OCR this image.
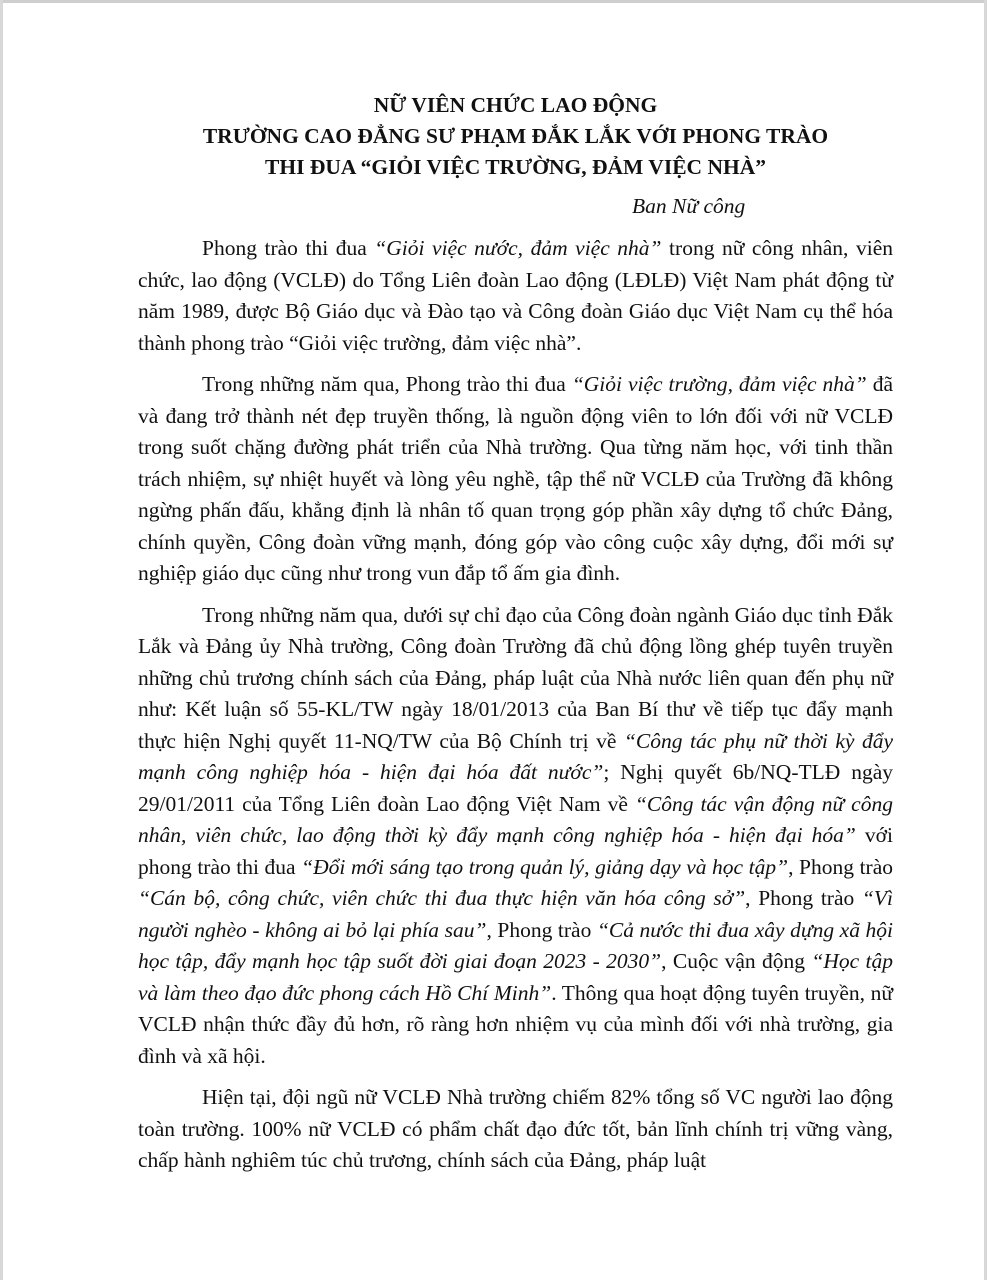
NỮ VIÊN CHỨC LAO ĐỘNG
TRƯỜNG CAO ĐẲNG SƯ PHẠM ĐẮK LẮK VỚI PHONG TRÀO
THI ĐUA “GIỎI VIỆC TRƯỜNG, ĐẢM VIỆC NHÀ”
Ban Nữ công

Phong trào thi đua “Giỏi việc nước, đảm việc nhà” trong nữ công nhân, viên chức, lao động (VCLĐ) do Tổng Liên đoàn Lao động (LĐLĐ) Việt Nam phát động từ năm 1989, được Bộ Giáo dục và Đào tạo và Công đoàn Giáo dục Việt Nam cụ thể hóa thành phong trào “Giỏi việc trường, đảm việc nhà”.

Trong những năm qua, Phong trào thi đua “Giỏi việc trường, đảm việc nhà” đã và đang trở thành nét đẹp truyền thống, là nguồn động viên to lớn đối với nữ VCLĐ trong suốt chặng đường phát triển của Nhà trường. Qua từng năm học, với tinh thần trách nhiệm, sự nhiệt huyết và lòng yêu nghề, tập thể nữ VCLĐ của Trường đã không ngừng phấn đấu, khẳng định là nhân tố quan trọng góp phần xây dựng tổ chức Đảng, chính quyền, Công đoàn vững mạnh, đóng góp vào công cuộc xây dựng, đổi mới sự nghiệp giáo dục cũng như trong vun đắp tổ ấm gia đình.

Trong những năm qua, dưới sự chỉ đạo của Công đoàn ngành Giáo dục tỉnh Đắk Lắk và Đảng ủy Nhà trường, Công đoàn Trường đã chủ động lồng ghép tuyên truyền những chủ trương chính sách của Đảng, pháp luật của Nhà nước liên quan đến phụ nữ như: Kết luận số 55-KL/TW ngày 18/01/2013 của Ban Bí thư về tiếp tục đẩy mạnh thực hiện Nghị quyết 11-NQ/TW của Bộ Chính trị về “Công tác phụ nữ thời kỳ đẩy mạnh công nghiệp hóa - hiện đại hóa đất nước”; Nghị quyết 6b/NQ-TLĐ ngày 29/01/2011 của Tổng Liên đoàn Lao động Việt Nam về “Công tác vận động nữ công nhân, viên chức, lao động thời kỳ đẩy mạnh công nghiệp hóa - hiện đại hóa” với phong trào thi đua “Đổi mới sáng tạo trong quản lý, giảng dạy và học tập”, Phong trào “Cán bộ, công chức, viên chức thi đua thực hiện văn hóa công sở”, Phong trào “Vì người nghèo - không ai bỏ lại phía sau”, Phong trào “Cả nước thi đua xây dựng xã hội học tập, đẩy mạnh học tập suốt đời giai đoạn 2023 - 2030”, Cuộc vận động “Học tập và làm theo đạo đức phong cách Hồ Chí Minh”. Thông qua hoạt động tuyên truyền, nữ VCLĐ nhận thức đầy đủ hơn, rõ ràng hơn nhiệm vụ của mình đối với nhà trường, gia đình và xã hội.

Hiện tại, đội ngũ nữ VCLĐ Nhà trường chiếm 82% tổng số VC người lao động toàn trường. 100% nữ VCLĐ có phẩm chất đạo đức tốt, bản lĩnh chính trị vững vàng, chấp hành nghiêm túc chủ trương, chính sách của Đảng, pháp luật
